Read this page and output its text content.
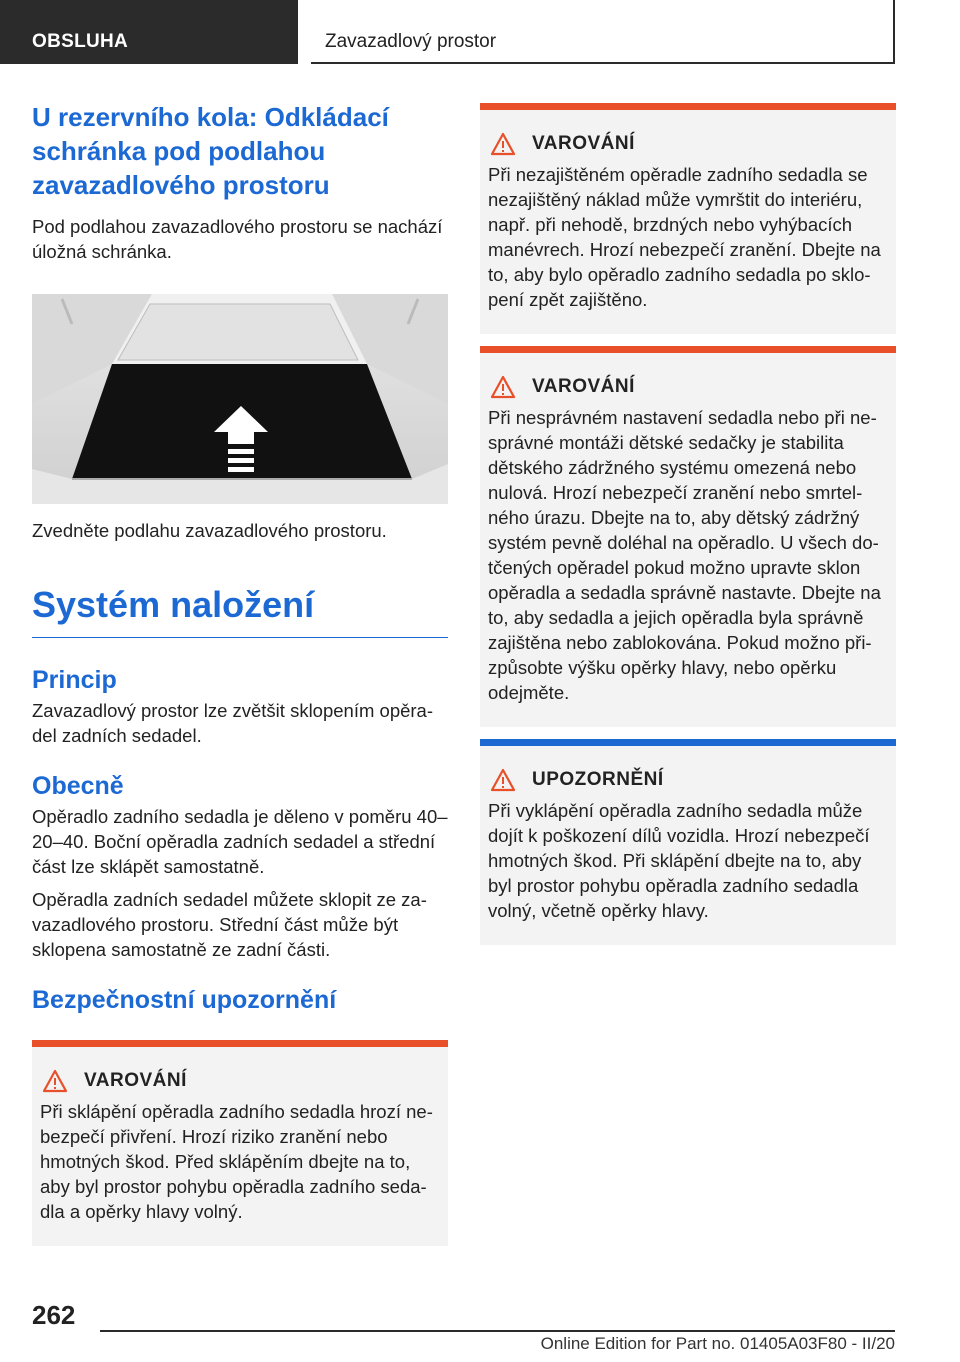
OBSLUHA	Zavazadlový prostor
U rezervního kola: Odkládací schránka pod podlahou zavazadlového prostoru

Pod podlahou zavazadlového prostoru se nachází úložná schránka.

Zvedněte podlahu zavazadlového prostoru.

Systém naložení
Princip

Zavazadlový prostor lze zvětšit sklopením opěra-del zadních sedadel.

Obecně

Opěradlo zadního sedadla je děleno v poměru 40–20–40. Boční opěradla zadních sedadel a střední část lze sklápět samostatně.

Opěradla zadních sedadel můžete sklopit ze za-vazadlového prostoru. Střední část může být sklopena samostatně ze zadní části.

Bezpečnostní upozornění
VAROVÁNÍ

Při sklápění opěradla zadního sedadla hrozí ne-bezpečí přivření. Hrozí riziko zranění nebo hmotných škod. Před sklápěním dbejte na to, aby byl prostor pohybu opěradla zadního seda-dla a opěrky hlavy volný.

VAROVÁNÍ

Při nezajištěném opěradle zadního sedadla se nezajištěný náklad může vymrštit do interiéru, např. při nehodě, brzdných nebo vyhýbacích manévrech. Hrozí nebezpečí zranění. Dbejte na to, aby bylo opěradlo zadního sedadla po sklo-pení zpět zajištěno.

VAROVÁNÍ

Při nesprávném nastavení sedadla nebo při ne-správné montáži dětské sedačky je stabilita dětského zádržného systému omezená nebo nulová. Hrozí nebezpečí zranění nebo smrtel-ného úrazu. Dbejte na to, aby dětský zádržný systém pevně doléhal na opěradlo. U všech do-tčených opěradel pokud možno upravte sklon opěradla a sedadla správně nastavte. Dbejte na to, aby sedadla a jejich opěradla byla správně zajištěna nebo zablokována. Pokud možno při-způsobte výšku opěrky hlavy, nebo opěrku odejměte.

UPOZORNĚNÍ

Při vyklápění opěradla zadního sedadla může dojít k poškození dílů vozidla. Hrozí nebezpečí hmotných škod. Při sklápění dbejte na to, aby byl prostor pohybu opěradla zadního sedadla volný, včetně opěrky hlavy.

262
Online Edition for Part no. 01405A03F80 - II/20
